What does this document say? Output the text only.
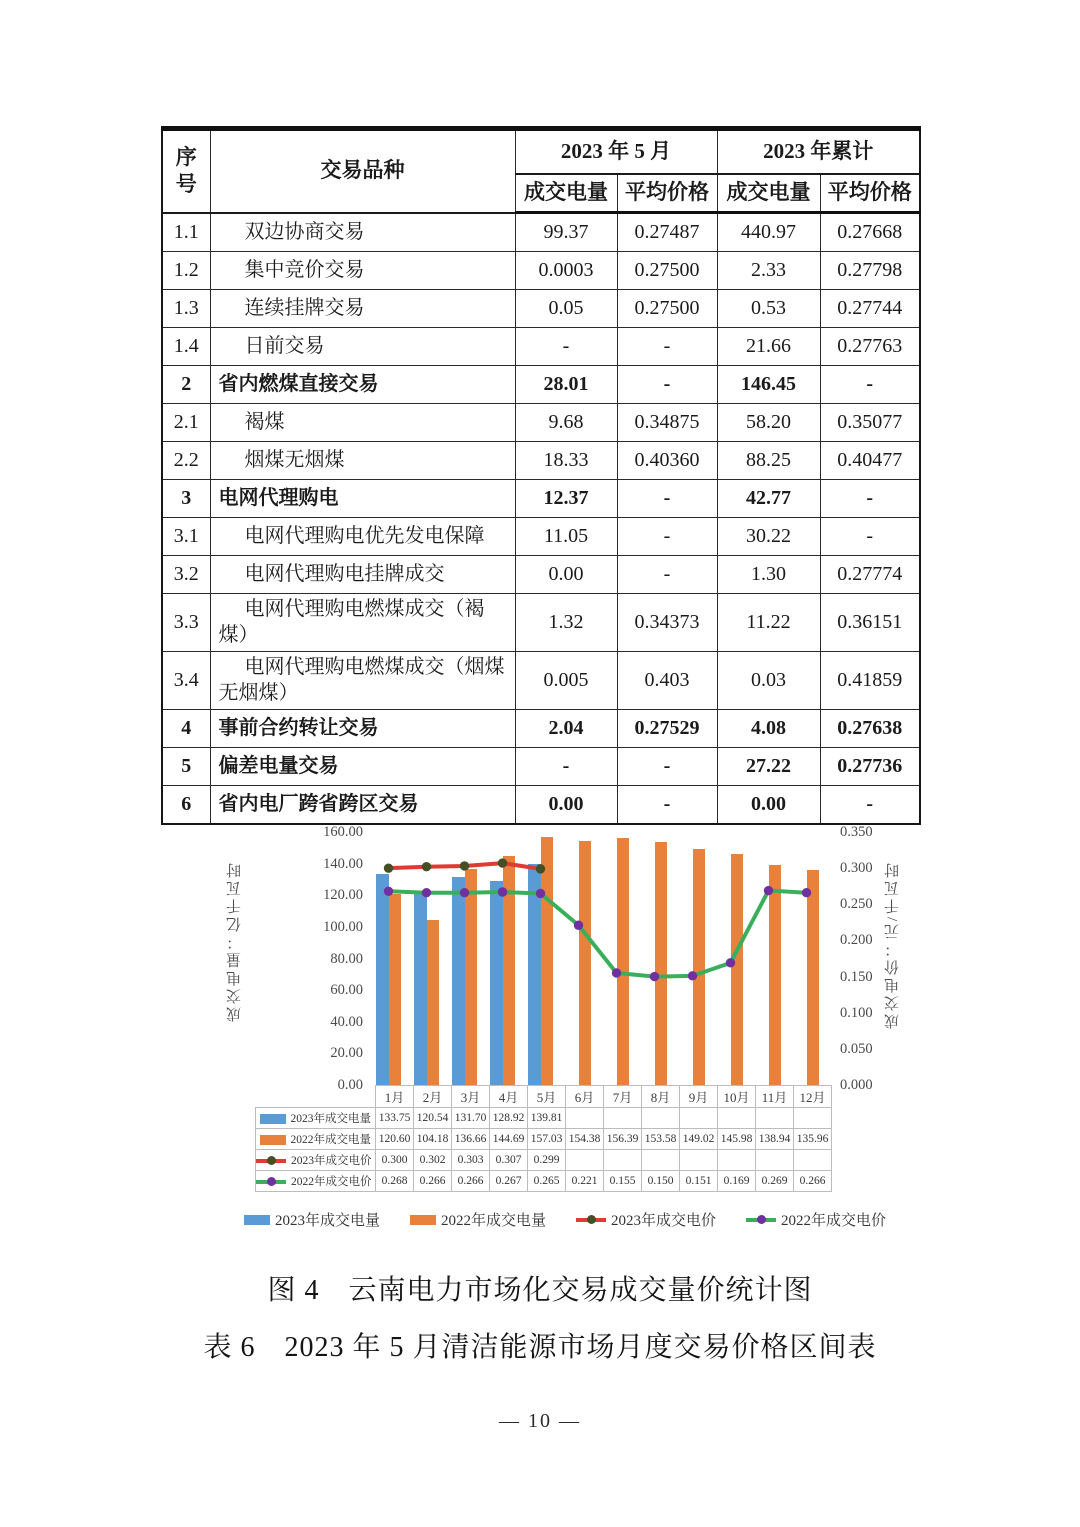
序号	交易品种	2023 年 5 月		2023 年累计	
		成交电量	平均价格	成交电量	平均价格
1.1	双边协商交易	99.37	0.27487	440.97	0.27668
1.2	集中竞价交易	0.0003	0.27500	2.33	0.27798
1.3	连续挂牌交易	0.05	0.27500	0.53	0.27744
1.4	日前交易	-	-	21.66	0.27763
2	省内燃煤直接交易	28.01	-	146.45	-
2.1	褐煤	9.68	0.34875	58.20	0.35077
2.2	烟煤无烟煤	18.33	0.40360	88.25	0.40477
3	电网代理购电	12.37	-	42.77	-
3.1	电网代理购电优先发电保障	11.05	-	30.22	-
3.2	电网代理购电挂牌成交	0.00	-	1.30	0.27774
3.3	电网代理购电燃煤成交（褐煤）	1.32	0.34373	11.22	0.36151
3.4	电网代理购电燃煤成交（烟煤无烟煤）	0.005	0.403	0.03	0.41859
4	事前合约转让交易	2.04	0.27529	4.08	0.27638
5	偏差电量交易	-	-	27.22	0.27736
6	省内电厂跨省跨区交易	0.00	-	0.00	-
成交电量：亿千瓦时	成交电价：元/千瓦时
160.00
140.00
120.00
100.00
80.00
60.00
40.00
20.00
0.00
0.350
0.300
0.250
0.200
0.150
0.100
0.050
0.000
	1月	2月	3月	4月	5月	6月	7月	8月	9月	10月	11月	12月
2023年成交电量	133.75	120.54	131.70	128.92	139.81							
2022年成交电量	120.60	104.18	136.66	144.69	157.03	154.38	156.39	153.58	149.02	145.98	138.94	135.96

2023年成交电价	0.300	0.302	0.303	0.307	0.299							

2022年成交电价	0.268	0.266	0.266	0.267	0.265	0.221	0.155	0.150	0.151	0.169	0.269	0.266
2023年成交电量	2022年成交电量	2023年成交电价	2022年成交电价
图 4　云南电力市场化交易成交量价统计图
表 6　2023 年 5 月清洁能源市场月度交易价格区间表
— 10 —
